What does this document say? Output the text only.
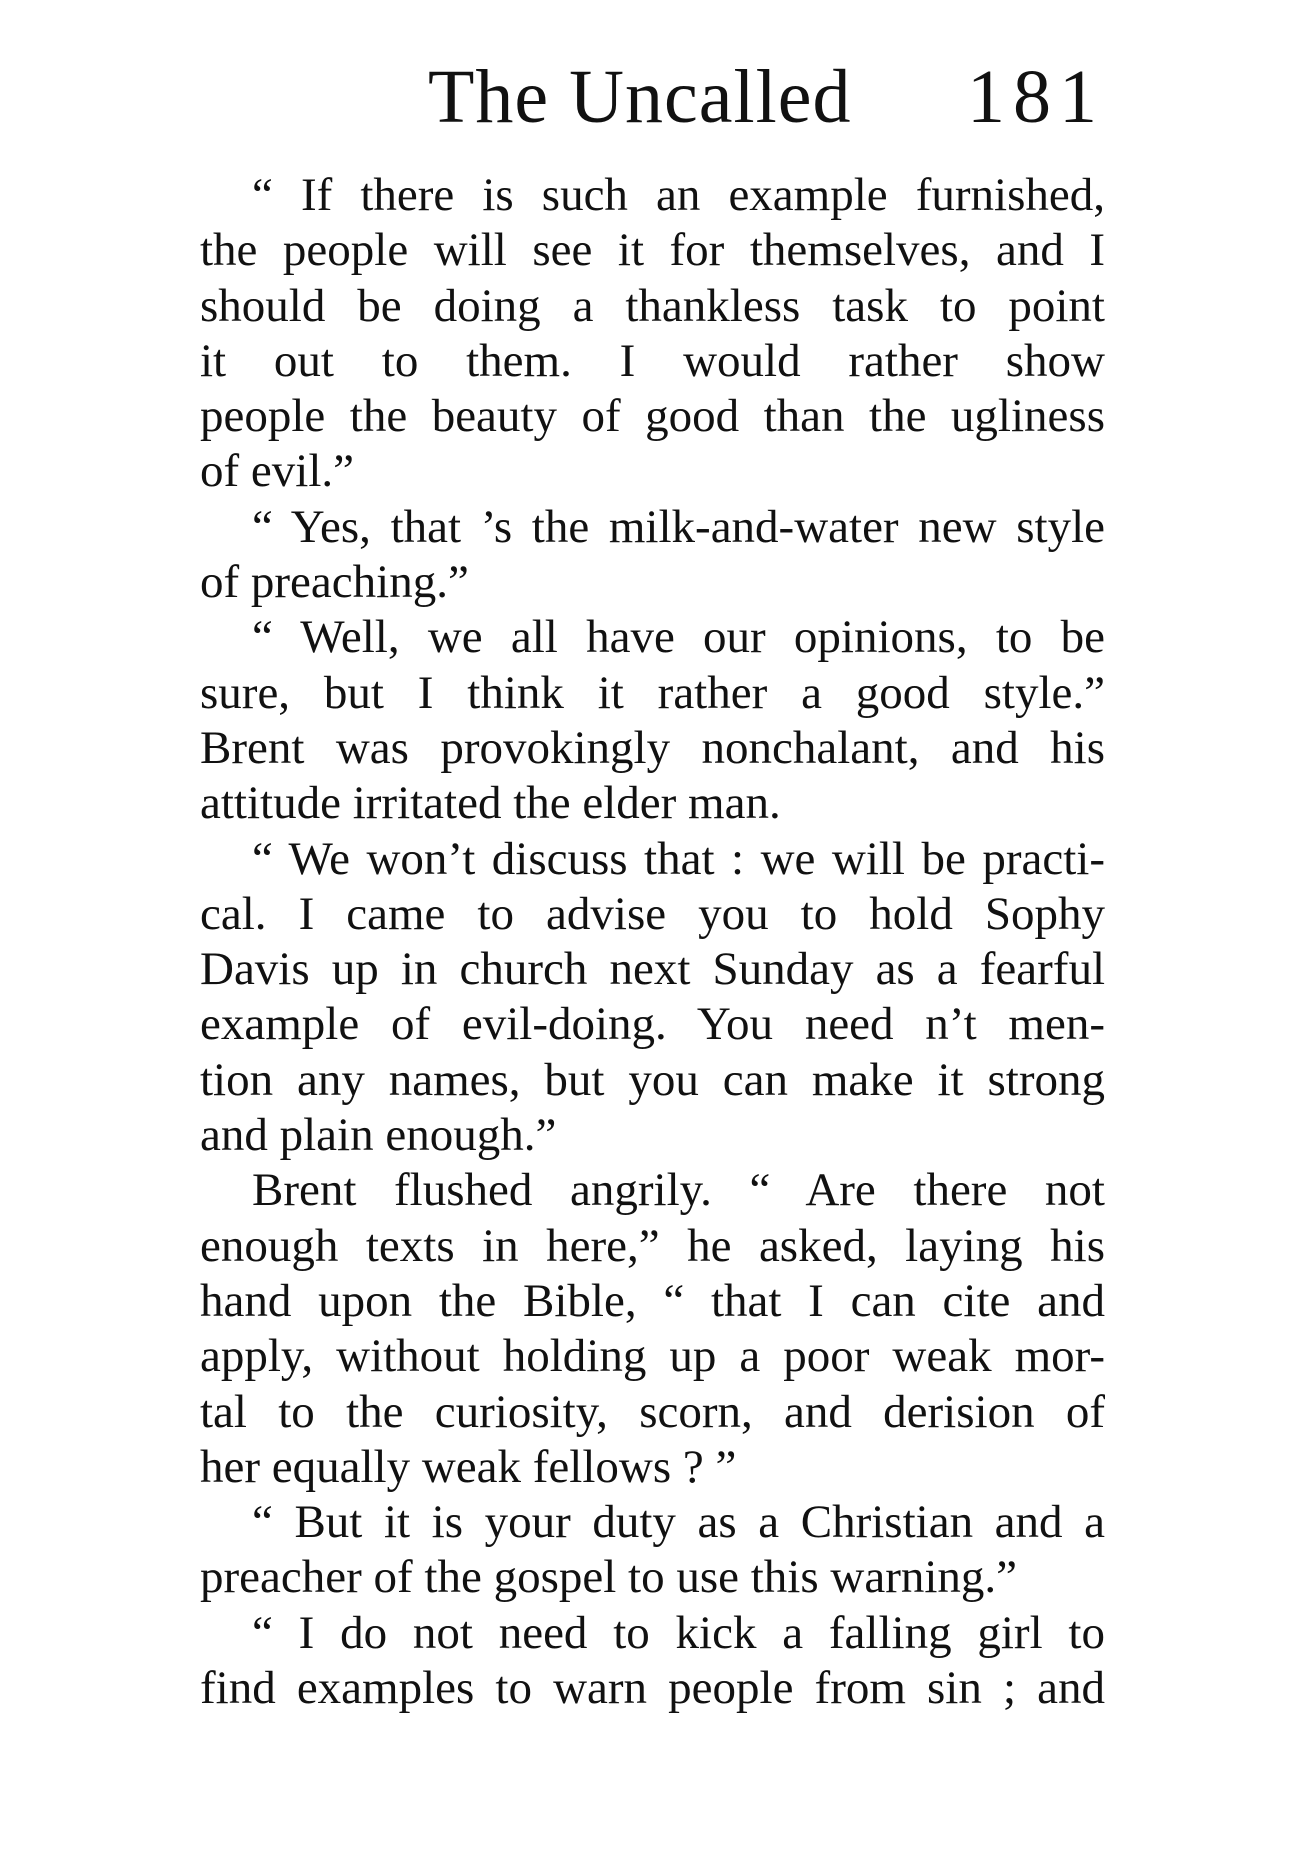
The Uncalled 181
“ If there is such an example furnished,
the people will see it for themselves, and I
should be doing a thankless task to point
it out to them. I would rather show
people the beauty of good than the ugliness
of evil.”
“ Yes, that ’s the milk-and-water new style
of preaching.”
“ Well, we all have our opinions, to be
sure, but I think it rather a good style.”
Brent was provokingly nonchalant, and his
attitude irritated the elder man.
“ We won’t discuss that : we will be practi-
cal. I came to advise you to hold Sophy
Davis up in church next Sunday as a fearful
example of evil-doing. You need n’t men-
tion any names, but you can make it strong
and plain enough.”
Brent flushed angrily. “ Are there not
enough texts in here,” he asked, laying his
hand upon the Bible, “ that I can cite and
apply, without holding up a poor weak mor-
tal to the curiosity, scorn, and derision of
her equally weak fellows ? ”
“ But it is your duty as a Christian and a
preacher of the gospel to use this warning.”
“ I do not need to kick a falling girl to
find examples to warn people from sin ; and
